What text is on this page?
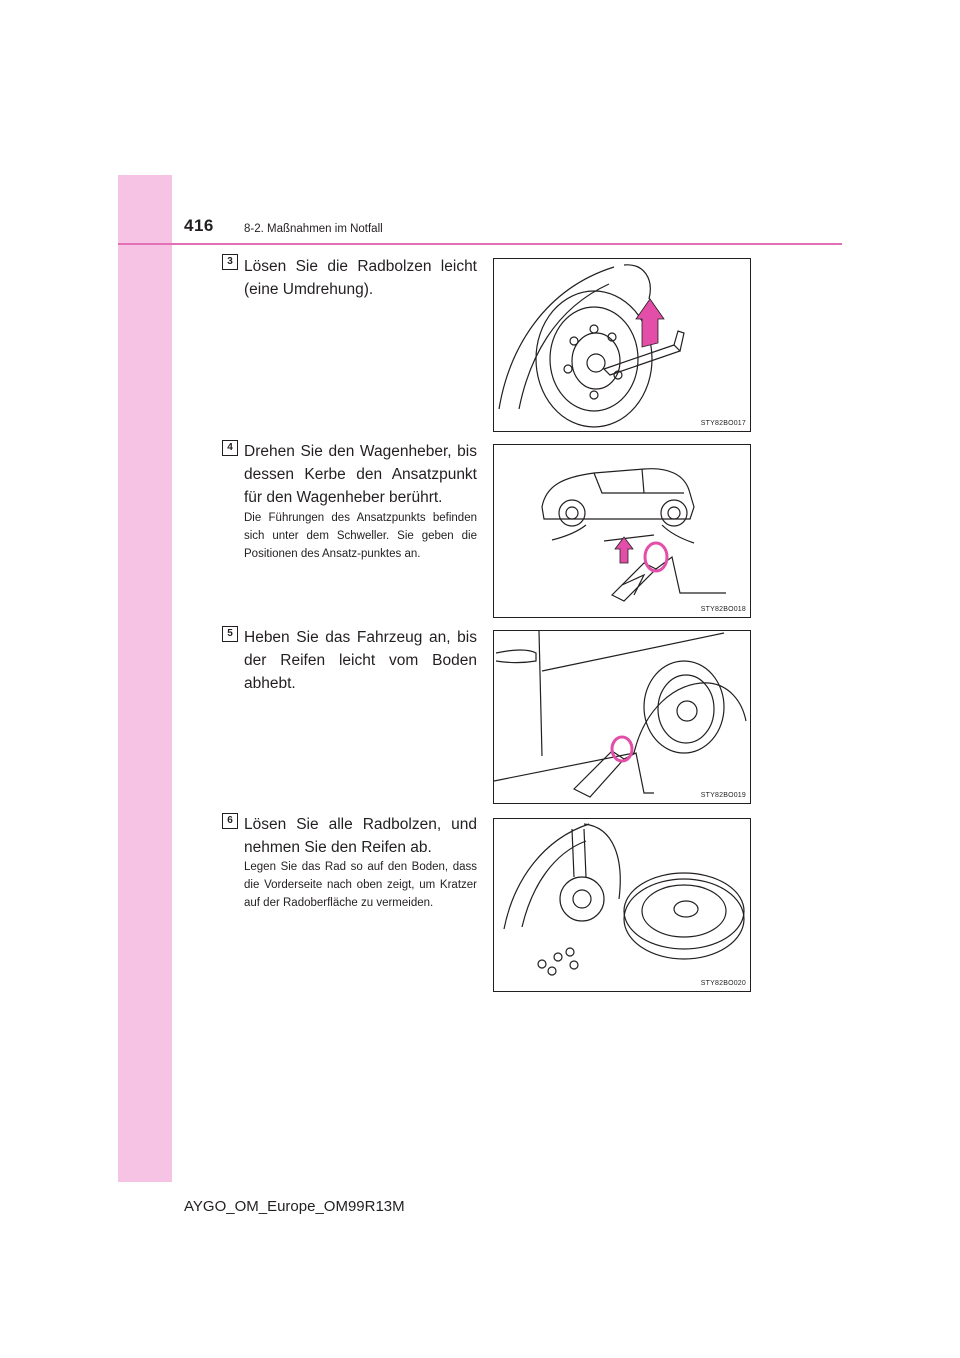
416	8-2. Maßnahmen im Notfall
3 Lösen Sie die Radbolzen leicht (eine Umdrehung).
STY82BO017
4 Drehen Sie den Wagenheber, bis dessen Kerbe den Ansatzpunkt für den Wagenheber berührt.
Die Führungen des Ansatzpunkts befinden sich unter dem Schweller. Sie geben die Positionen des Ansatz-punktes an.
STY82BO018
5 Heben Sie das Fahrzeug an, bis der Reifen leicht vom Boden abhebt.
STY82BO019
6 Lösen Sie alle Radbolzen, und nehmen Sie den Reifen ab.
Legen Sie das Rad so auf den Boden, dass die Vorderseite nach oben zeigt, um Kratzer auf der Radoberfläche zu vermeiden.
STY82BO020
AYGO_OM_Europe_OM99R13M
